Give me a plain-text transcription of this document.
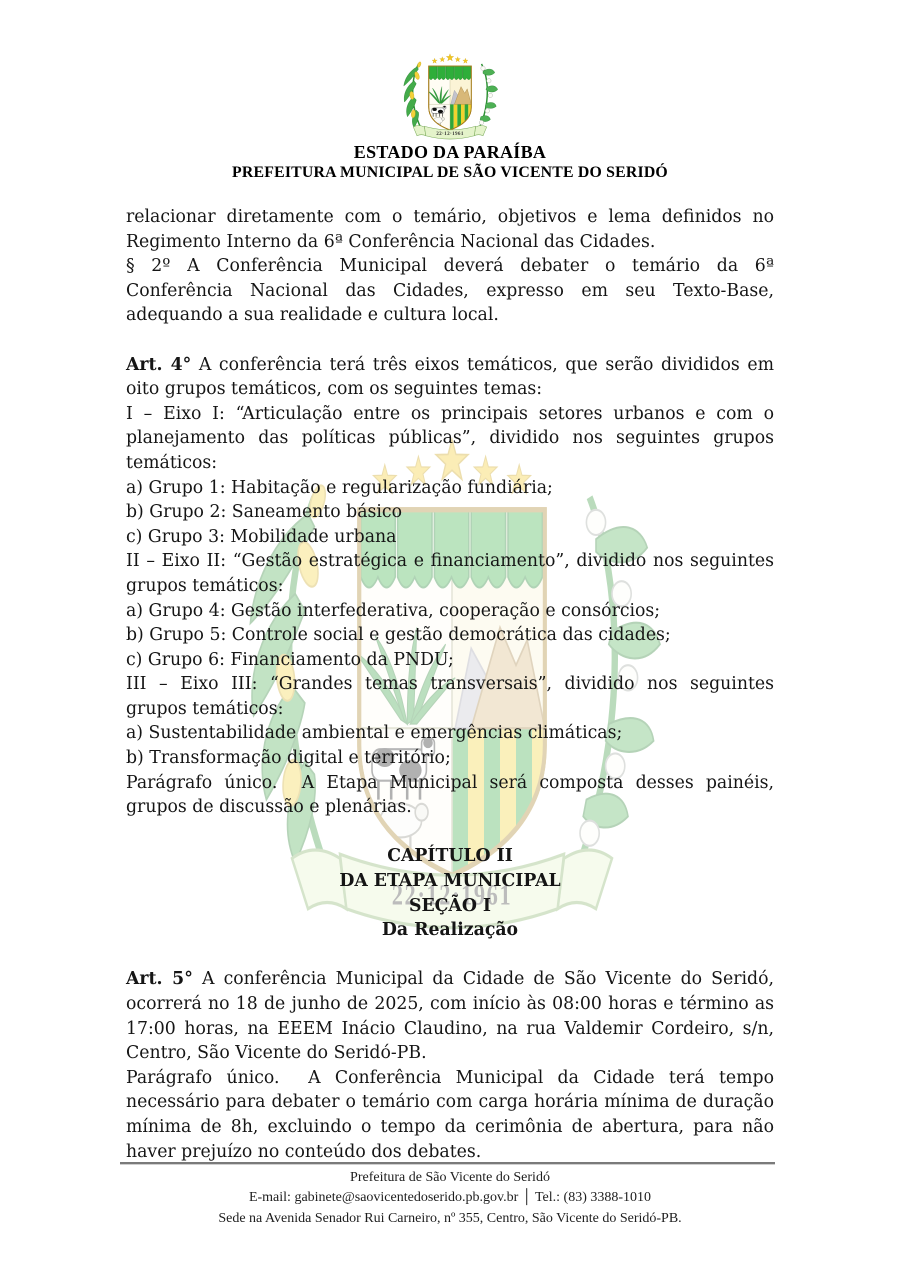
ESTADO DA PARAÍBA
PREFEITURA MUNICIPAL DE SÃO VICENTE DO SERIDÓ

relacionar diretamente com o temário, objetivos e lema definidos no Regimento Interno da 6ª Conferência Nacional das Cidades.

§ 2º A Conferência Municipal deverá debater o temário da 6ª Conferência Nacional das Cidades, expresso em seu Texto-Base, adequando a sua realidade e cultura local.

Art. 4° A conferência terá três eixos temáticos, que serão divididos em oito grupos temáticos, com os seguintes temas:

I – Eixo I: “Articulação entre os principais setores urbanos e com o planejamento das políticas públicas”, dividido nos seguintes grupos temáticos:

a) Grupo 1: Habitação e regularização fundiária;

b) Grupo 2: Saneamento básico

c) Grupo 3: Mobilidade urbana

II – Eixo II: “Gestão estratégica e financiamento”, dividido nos seguintes grupos temáticos:

a) Grupo 4: Gestão interfederativa, cooperação e consórcios;

b) Grupo 5: Controle social e gestão democrática das cidades;

c) Grupo 6: Financiamento da PNDU;

III – Eixo III: “Grandes temas transversais”, dividido nos seguintes grupos temáticos:

a) Sustentabilidade ambiental e emergências climáticas;

b) Transformação digital e território;

Parágrafo único.  A Etapa Municipal será composta desses painéis, grupos de discussão e plenárias.

CAPÍTULO II

DA ETAPA MUNICIPAL

SEÇÃO I

Da Realização

Art. 5° A conferência Municipal da Cidade de São Vicente do Seridó, ocorrerá no 18 de junho de 2025, com início às 08:00 horas e término as 17:00 horas, na EEEM Inácio Claudino, na rua Valdemir Cordeiro, s/n, Centro, São Vicente do Seridó-PB.

Parágrafo único.  A Conferência Municipal da Cidade terá tempo necessário para debater o temário com carga horária mínima de duração mínima de 8h, excluindo o tempo da cerimônia de abertura, para não haver prejuízo no conteúdo dos debates.

Prefeitura de São Vicente do Seridó
E-mail: gabinete@saovicentedoserido.pb.gov.br │ Tel.: (83) 3388-1010
Sede na Avenida Senador Rui Carneiro, nº 355, Centro, São Vicente do Seridó-PB.
